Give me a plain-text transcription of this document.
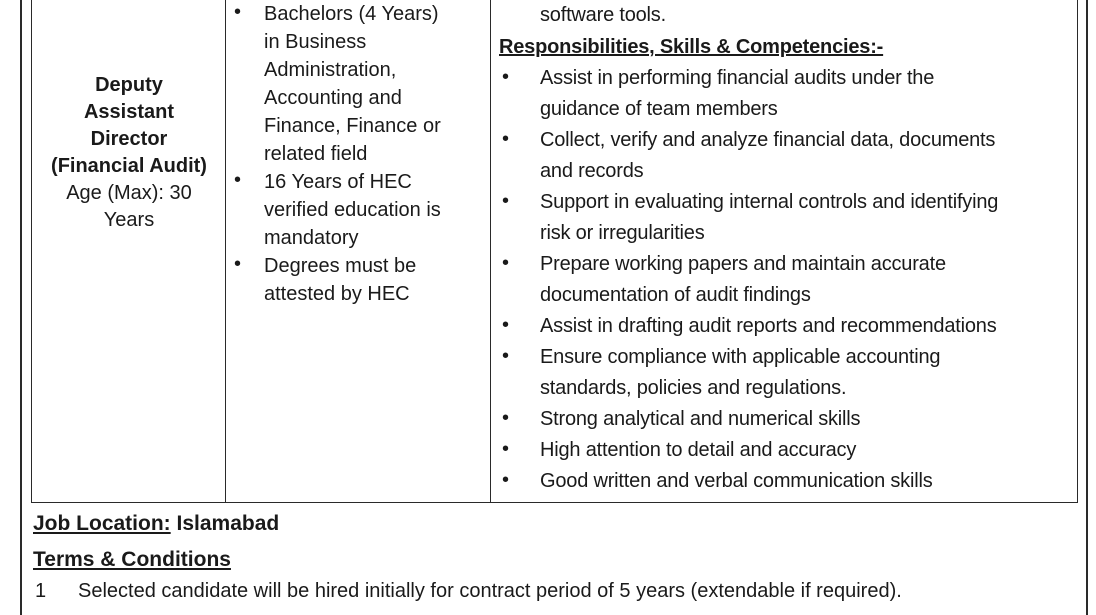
Deputy
Assistant
Director
(Financial Audit)
Age (Max): 30
Years
• Bachelors (4 Years)
in Business
Administration,
Accounting and
Finance, Finance or
related field
• 16 Years of HEC
verified education is
mandatory
• Degrees must be
attested by HEC
software tools.
Responsibilities, Skills & Competencies:-
• Assist in performing financial audits under the
guidance of team members
• Collect, verify and analyze financial data, documents
and records
• Support in evaluating internal controls and identifying
risk or irregularities
• Prepare working papers and maintain accurate
documentation of audit findings
• Assist in drafting audit reports and recommendations
• Ensure compliance with applicable accounting
standards, policies and regulations.
• Strong analytical and numerical skills
• High attention to detail and accuracy
• Good written and verbal communication skills
Job Location: Islamabad
Terms & Conditions
1 Selected candidate will be hired initially for contract period of 5 years (extendable if required).
